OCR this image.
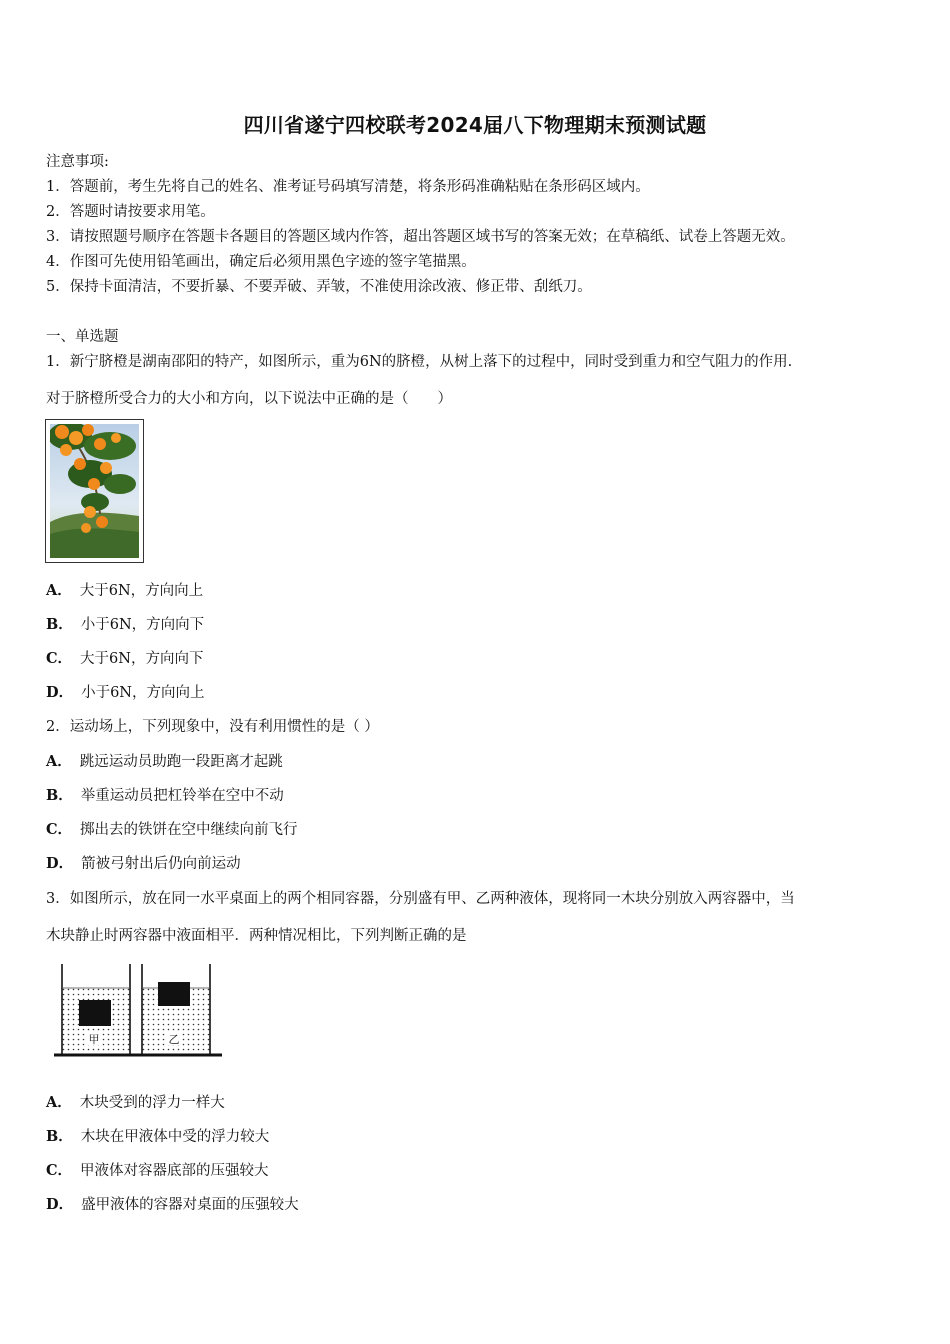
四川省遂宁四校联考2024届八下物理期末预测试题
注意事项:
1．答题前，考生先将自己的姓名、准考证号码填写清楚，将条形码准确粘贴在条形码区域内。
2．答题时请按要求用笔。
3．请按照题号顺序在答题卡各题目的答题区域内作答，超出答题区域书写的答案无效；在草稿纸、试卷上答题无效。
4．作图可先使用铅笔画出，确定后必须用黑色字迹的签字笔描黑。
5．保持卡面清洁，不要折暴、不要弄破、弄皱，不准使用涂改液、修正带、刮纸刀。
一、单选题
1．新宁脐橙是湖南邵阳的特产，如图所示，重为6N的脐橙，从树上落下的过程中，同时受到重力和空气阻力的作用.
对于脐橙所受合力的大小和方向，以下说法中正确的是（　　）
A． 大于6N，方向向上
B． 小于6N，方向向下
C． 大于6N，方向向下
D． 小于6N，方向向上
2．运动场上，下列现象中，没有利用惯性的是（ ）
A． 跳远运动员助跑一段距离才起跳
B． 举重运动员把杠铃举在空中不动
C． 掷出去的铁饼在空中继续向前飞行
D． 箭被弓射出后仍向前运动
3．如图所示，放在同一水平桌面上的两个相同容器，分别盛有甲、乙两种液体，现将同一木块分别放入两容器中，当
木块静止时两容器中液面相平．两种情况相比，下列判断正确的是
甲	乙
A． 木块受到的浮力一样大
B． 木块在甲液体中受的浮力较大
C． 甲液体对容器底部的压强较大
D． 盛甲液体的容器对桌面的压强较大
